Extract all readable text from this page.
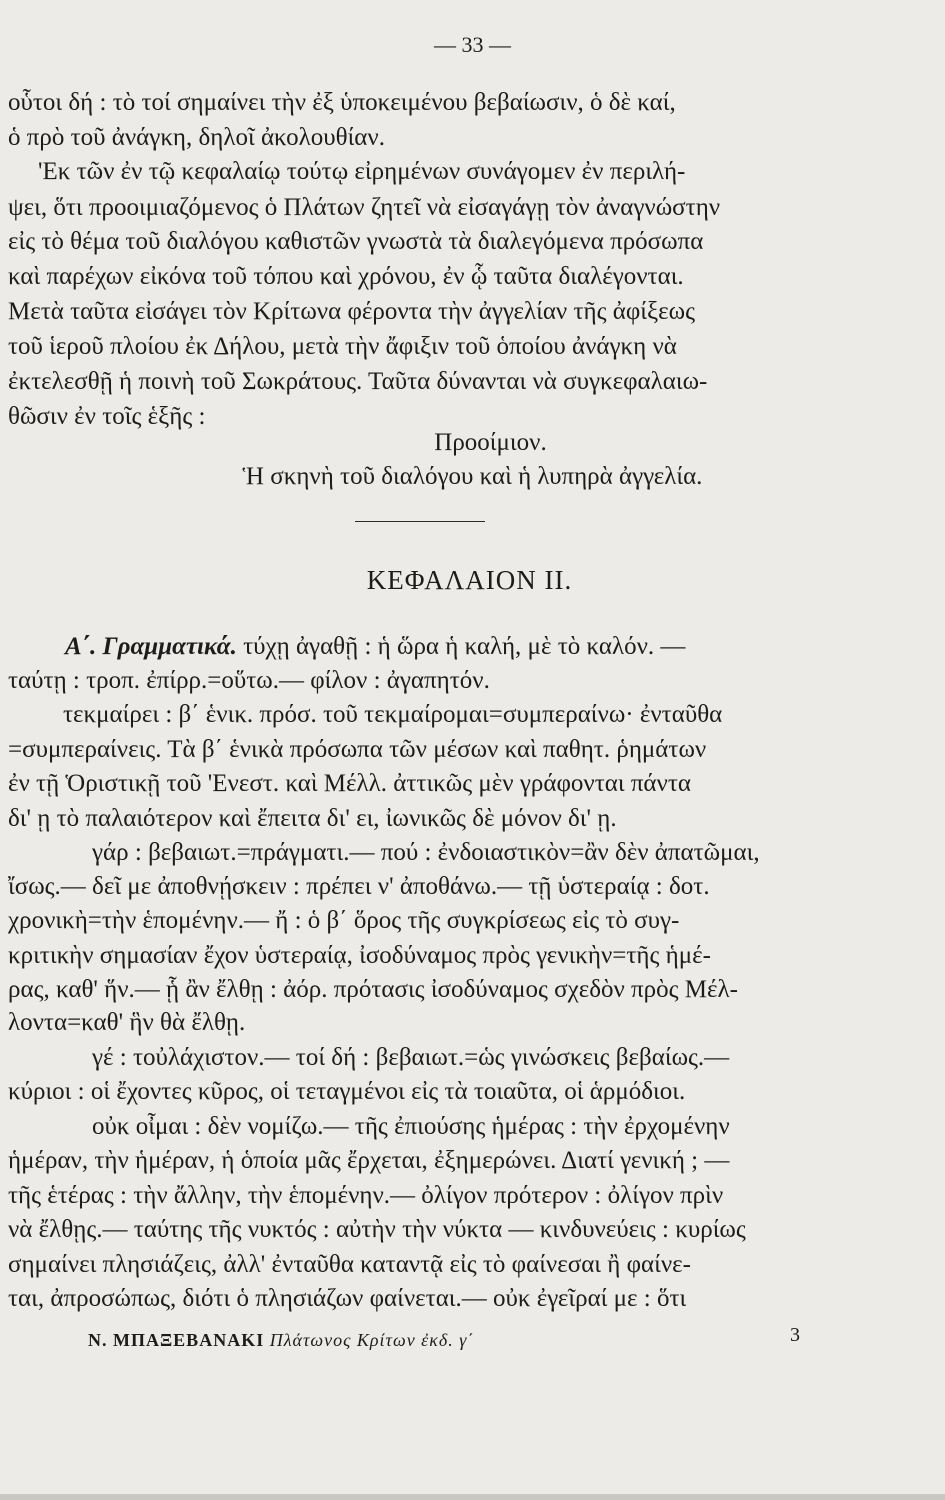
— 33 —
οὗτοι δή : τὸ τοί σημαίνει τὴν ἐξ ὑποκειμένου βεβαίωσιν, ὁ δὲ καί,
ὁ πρὸ τοῦ ἀνάγκη, δηλοῖ ἀκολουθίαν.
'Εκ τῶν ἐν τῷ κεφαλαίῳ τούτῳ εἰρημένων συνάγομεν ἐν περιλή-
ψει, ὅτι προοιμιαζόμενος ὁ Πλάτων ζητεῖ νὰ εἰσαγάγῃ τὸν ἀναγνώστην
εἰς τὸ θέμα τοῦ διαλόγου καθιστῶν γνωστὰ τὰ διαλεγόμενα πρόσωπα
καὶ παρέχων εἰκόνα τοῦ τόπου καὶ χρόνου, ἐν ᾧ ταῦτα διαλέγονται.
Μετὰ ταῦτα εἰσάγει τὸν Κρίτωνα φέροντα τὴν ἀγγελίαν τῆς ἀφίξεως
τοῦ ἱεροῦ πλοίου ἐκ Δήλου, μετὰ τὴν ἄφιξιν τοῦ ὁποίου ἀνάγκη νὰ
ἐκτελεσθῇ ἡ ποινὴ τοῦ Σωκράτους. Ταῦτα δύνανται νὰ συγκεφαλαιω-
θῶσιν ἐν τοῖς ἑξῆς :
Προοίμιον.
Ἡ σκηνὴ τοῦ διαλόγου καὶ ἡ λυπηρὰ ἀγγελία.
ΚΕΦΑΛΑΙΟΝ ΙΙ.
Α΄. Γραμματικά. τύχῃ ἀγαθῇ : ἡ ὥρα ἡ καλή, μὲ τὸ καλόν. —
ταύτῃ : τροπ. ἐπίρρ.=οὕτω.— φίλον : ἀγαπητόν.
τεκμαίρει : β΄ ἑνικ. πρόσ. τοῦ τεκμαίρομαι=συμπεραίνω· ἐνταῦθα
=συμπεραίνεις. Τὰ β΄ ἑνικὰ πρόσωπα τῶν μέσων καὶ παθητ. ῥημάτων
ἐν τῇ Ὁριστικῇ τοῦ 'Ενεστ. καὶ Μέλλ. ἀττικῶς μὲν γράφονται πάντα
δι' ῃ τὸ παλαιότερον καὶ ἔπειτα δι' ει, ἰωνικῶς δὲ μόνον δι' ῃ.
γάρ : βεβαιωτ.=πράγματι.— πού : ἐνδοιαστικὸν=ἂν δὲν ἀπατῶμαι,
ἴσως.— δεῖ με ἀποθνῄσκειν : πρέπει ν' ἀποθάνω.— τῇ ὑστεραίᾳ : δοτ.
χρονικὴ=τὴν ἑπομένην.— ἤ : ὁ β΄ ὅρος τῆς συγκρίσεως εἰς τὸ συγ-
κριτικὴν σημασίαν ἔχον ὑστεραίᾳ, ἰσοδύναμος πρὸς γενικὴν=τῆς ἡμέ-
ρας, καθ' ἥν.— ᾗ ἂν ἔλθῃ : ἀόρ. πρότασις ἰσοδύναμος σχεδὸν πρὸς Μέλ-
λοντα=καθ' ἣν θὰ ἔλθῃ.
γέ : τοὐλάχιστον.— τοί δή : βεβαιωτ.=ὡς γινώσκεις βεβαίως.—
κύριοι : οἱ ἔχοντες κῦρος, οἱ τεταγμένοι εἰς τὰ τοιαῦτα, οἱ ἁρμόδιοι.
οὐκ οἶμαι : δὲν νομίζω.— τῆς ἐπιούσης ἡμέρας : τὴν ἐρχομένην
ἡμέραν, τὴν ἡμέραν, ἡ ὁποία μᾶς ἔρχεται, ἐξημερώνει. Διατί γενική ; —
τῆς ἑτέρας : τὴν ἄλλην, τὴν ἑπομένην.— ὀλίγον πρότερον : ὀλίγον πρὶν
νὰ ἔλθῃς.— ταύτης τῆς νυκτός : αὐτὴν τὴν νύκτα — κινδυνεύεις : κυρίως
σημαίνει πλησιάζεις, ἀλλ' ἐνταῦθα καταντᾷ εἰς τὸ φαίνεσαι ἢ φαίνε-
ται, ἀπροσώπως, διότι ὁ πλησιάζων φαίνεται.— οὐκ ἐγεῖραί με : ὅτι
Ν. ΜΠΑΞΕΒΑΝΑΚΙ Πλάτωνος Κρίτων ἐκδ. γ΄	3
